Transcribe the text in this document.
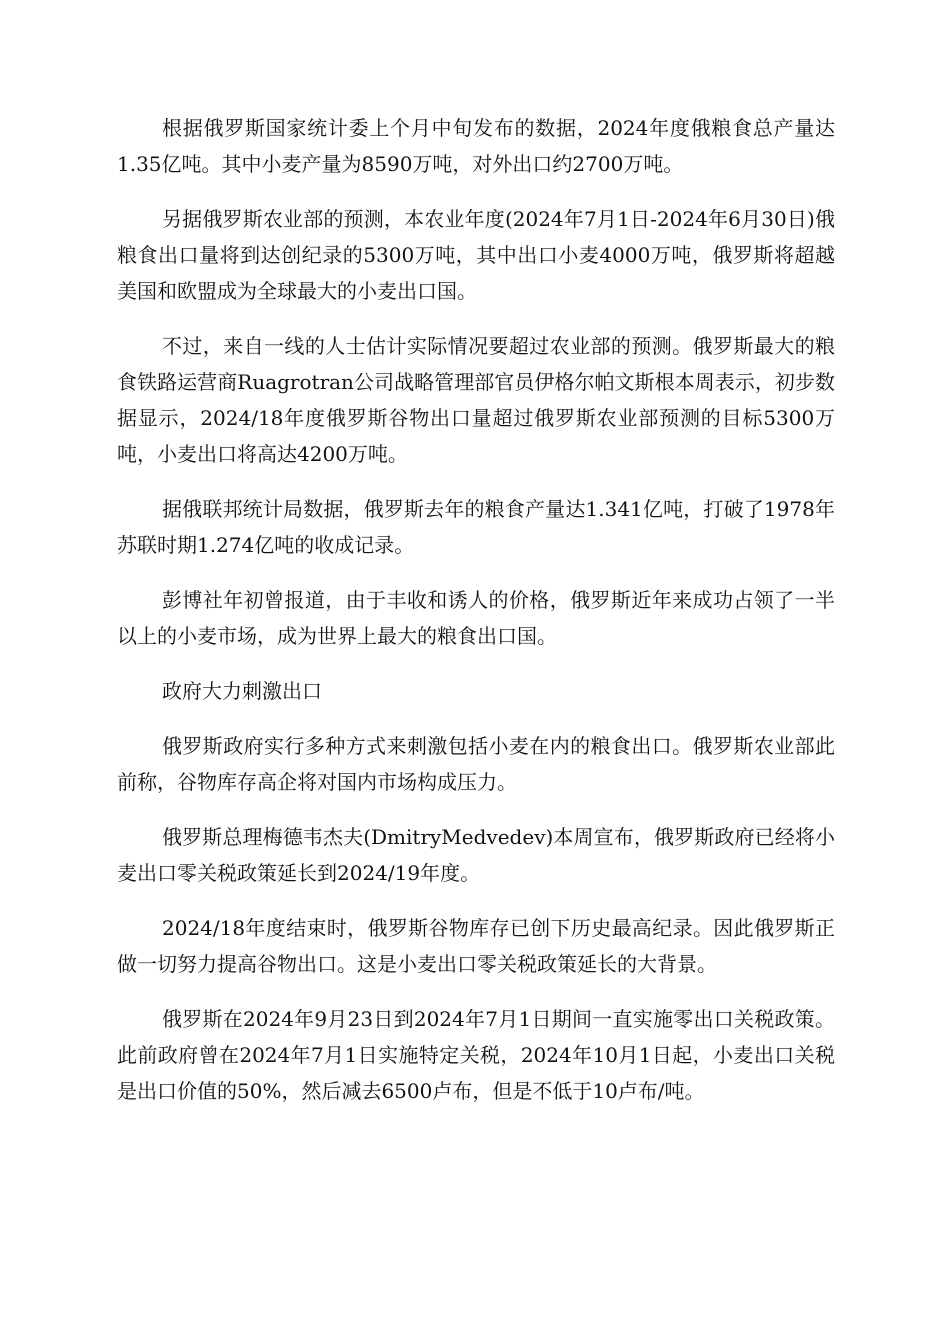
根据俄罗斯国家统计委上个月中旬发布的数据，2024年度俄粮食总产量达1.35亿吨。其中小麦产量为8590万吨，对外出口约2700万吨。

另据俄罗斯农业部的预测，本农业年度(2024年7月1日-2024年6月30日)俄粮食出口量将到达创纪录的5300万吨，其中出口小麦4000万吨，俄罗斯将超越美国和欧盟成为全球最大的小麦出口国。

不过，来自一线的人士估计实际情况要超过农业部的预测。俄罗斯最大的粮食铁路运营商Ruagrotran公司战略管理部官员伊格尔帕文斯根本周表示，初步数据显示，2024/18年度俄罗斯谷物出口量超过俄罗斯农业部预测的目标5300万吨，小麦出口将高达4200万吨。

据俄联邦统计局数据，俄罗斯去年的粮食产量达1.341亿吨，打破了1978年苏联时期1.274亿吨的收成记录。

彭博社年初曾报道，由于丰收和诱人的价格，俄罗斯近年来成功占领了一半以上的小麦市场，成为世界上最大的粮食出口国。

政府大力刺激出口

俄罗斯政府实行多种方式来刺激包括小麦在内的粮食出口。俄罗斯农业部此前称，谷物库存高企将对国内市场构成压力。

俄罗斯总理梅德韦杰夫(DmitryMedvedev)本周宣布，俄罗斯政府已经将小麦出口零关税政策延长到2024/19年度。

2024/18年度结束时，俄罗斯谷物库存已创下历史最高纪录。因此俄罗斯正做一切努力提高谷物出口。这是小麦出口零关税政策延长的大背景。

俄罗斯在2024年9月23日到2024年7月1日期间一直实施零出口关税政策。此前政府曾在2024年7月1日实施特定关税，2024年10月1日起，小麦出口关税是出口价值的50%，然后减去6500卢布，但是不低于10卢布/吨。
